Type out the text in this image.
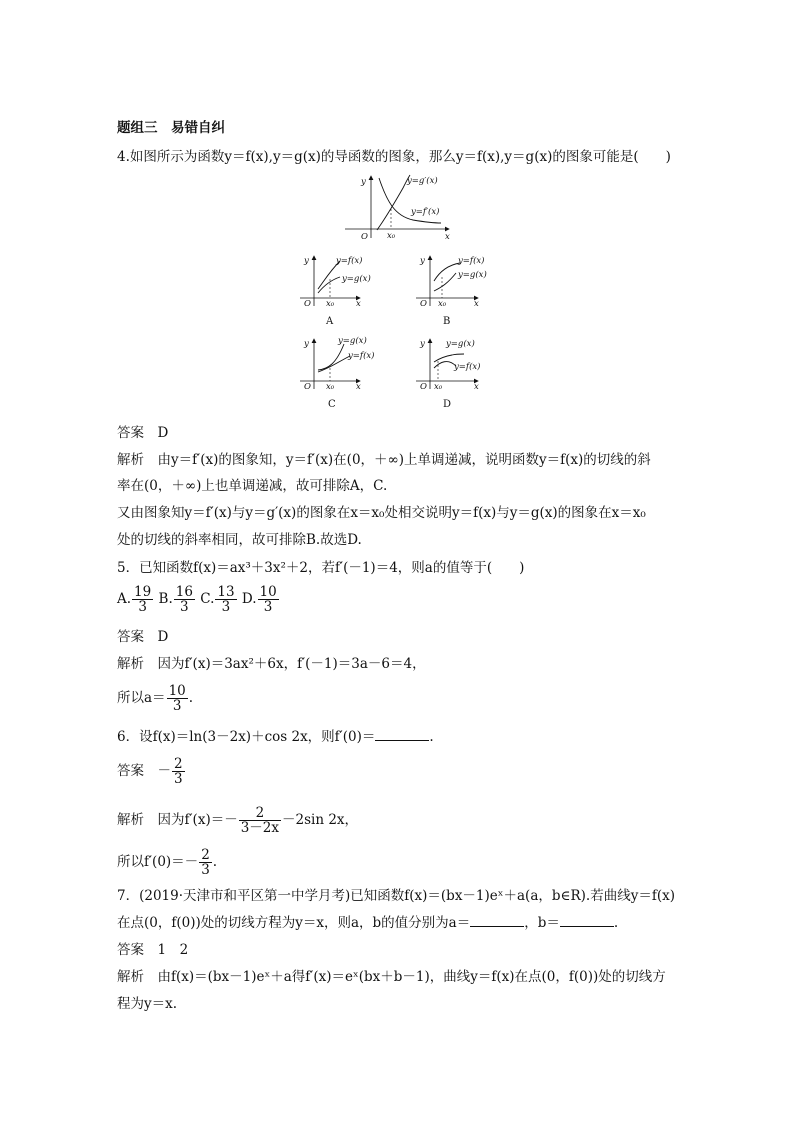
题组三　易错自纠
4.如图所示为函数y＝f(x),y＝g(x)的导函数的图象，那么y＝f(x),y＝g(x)的图象可能是(　　)
y
x
O x₀
y=g′(x)
y=f′(x)
y
x
O x₀
y=f(x)
y=g(x)
A
y
x
O x₀
y=f(x)
y=g(x)
B
y
x
O x₀
y=g(x)
y=f(x)
C
y
x
O x₀
y=g(x)
y=f(x)
D
答案　 D
解析　 由y＝f′(x)的图象知，y＝f′(x)在(0，＋∞)上单调递减，说明函数y＝f(x)的切线的斜
率在(0，＋∞)上也单调递减，故可排除A，C.
又由图象知y＝f′(x)与y＝g′(x)的图象在x＝x₀处相交说明y＝f(x)与y＝g(x)的图象在x＝x₀
处的切线的斜率相同，故可排除B.故选D.
5．已知函数f(x)＝ax³＋3x²＋2，若f′(－1)＝4，则a的值等于(　　)
A. $\frac{19}{3} B$. $\frac{16}{3} C$. $\frac{13}{3} D$. $\frac{10}{3}$
答案　 D
解析　 因为f′(x)＝3ax²＋6x，f′(－1)＝3a－6＝4，
所以$a= \frac{10}{3}$ .
6．设f(x)＝ln(3－2x)＋cos 2x，则f′(0)＝	.
答案　 － $\frac{2}{3}$
解析　 因为$f'(x)=- \frac{2}{3-2x} -2\sin$ 2x，
所以$f'(0)=- \frac{2}{3}$ .
7．(2019·天津市和平区第一中学月考)已知函数f(x)＝(bx－1)eˣ＋a(a，b∈R).若曲线y＝f(x)
在点(0，f(0))处的切线方程为y＝x，则a，b的值分别为a＝	，b＝	.
答案　 1　2
解析　 由f(x)＝(bx－1)eˣ＋a得f′(x)＝eˣ(bx＋b－1)，曲线y＝f(x)在点(0，f(0))处的切线方
程为y＝x.
